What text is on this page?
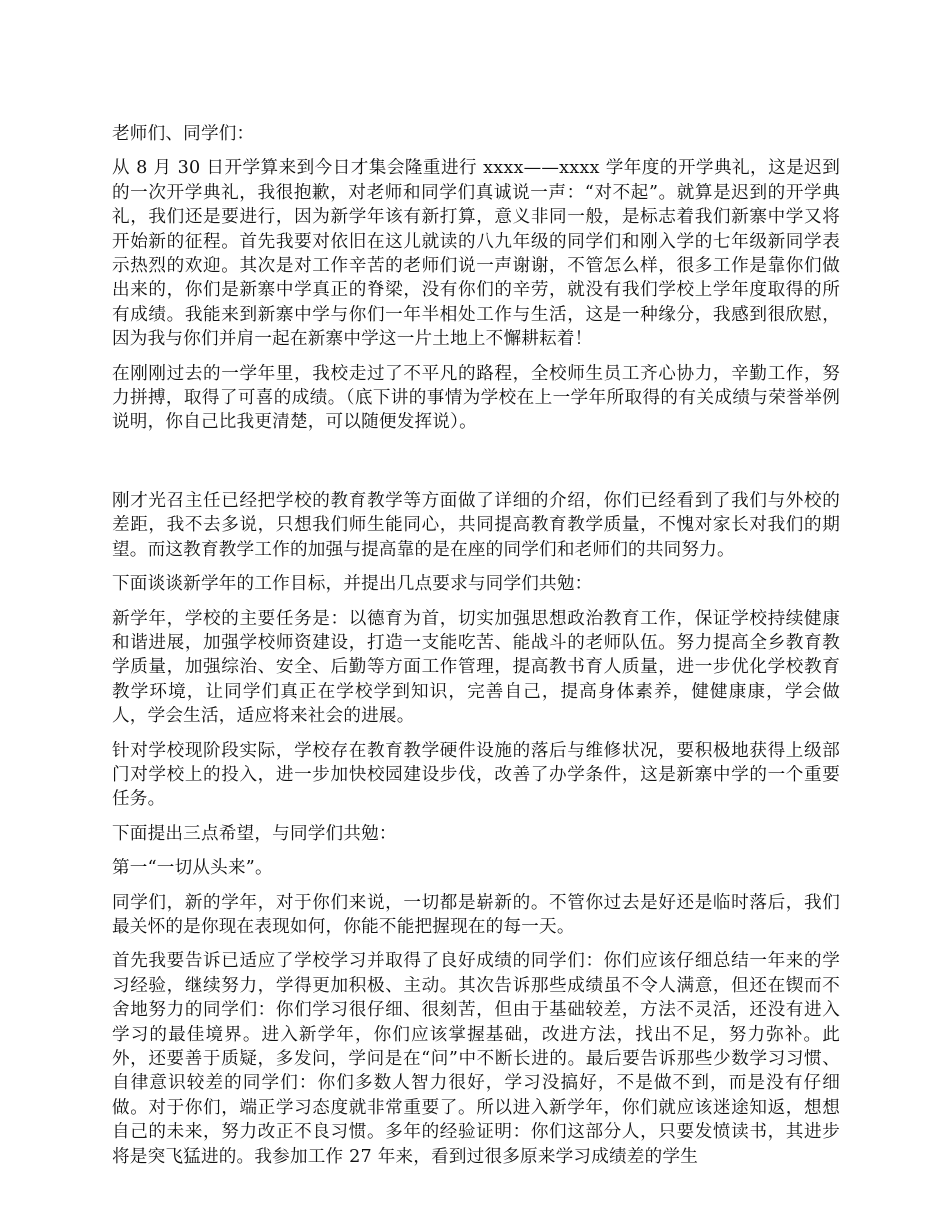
老师们、同学们：

从 8 月 30 日开学算来到今日才集会隆重进行 xxxx——xxxx 学年度的开学典礼，这是迟到的一次开学典礼，我很抱歉，对老师和同学们真诚说一声：“对不起”。就算是迟到的开学典礼，我们还是要进行，因为新学年该有新打算，意义非同一般，是标志着我们新寨中学又将开始新的征程。首先我要对依旧在这儿就读的八九年级的同学们和刚入学的七年级新同学表示热烈的欢迎。其次是对工作辛苦的老师们说一声谢谢，不管怎么样，很多工作是靠你们做出来的，你们是新寨中学真正的脊梁，没有你们的辛劳，就没有我们学校上学年度取得的所有成绩。我能来到新寨中学与你们一年半相处工作与生活，这是一种缘分，我感到很欣慰，因为我与你们并肩一起在新寨中学这一片土地上不懈耕耘着！

在刚刚过去的一学年里，我校走过了不平凡的路程，全校师生员工齐心协力，辛勤工作，努力拼搏，取得了可喜的成绩。（底下讲的事情为学校在上一学年所取得的有关成绩与荣誉举例说明，你自己比我更清楚，可以随便发挥说）。

刚才光召主任已经把学校的教育教学等方面做了详细的介绍，你们已经看到了我们与外校的差距，我不去多说，只想我们师生能同心，共同提高教育教学质量，不愧对家长对我们的期望。而这教育教学工作的加强与提高靠的是在座的同学们和老师们的共同努力。

下面谈谈新学年的工作目标，并提出几点要求与同学们共勉：

新学年，学校的主要任务是：以德育为首，切实加强思想政治教育工作，保证学校持续健康和谐进展，加强学校师资建设，打造一支能吃苦、能战斗的老师队伍。努力提高全乡教育教学质量，加强综治、安全、后勤等方面工作管理，提高教书育人质量，进一步优化学校教育教学环境，让同学们真正在学校学到知识，完善自己，提高身体素养，健健康康，学会做人，学会生活，适应将来社会的进展。

针对学校现阶段实际，学校存在教育教学硬件设施的落后与维修状况，要积极地获得上级部门对学校上的投入，进一步加快校园建设步伐，改善了办学条件，这是新寨中学的一个重要任务。

下面提出三点希望，与同学们共勉：

第一“一切从头来”。

同学们，新的学年，对于你们来说，一切都是崭新的。不管你过去是好还是临时落后，我们最关怀的是你现在表现如何，你能不能把握现在的每一天。

首先我要告诉已适应了学校学习并取得了良好成绩的同学们：你们应该仔细总结一年来的学习经验，继续努力，学得更加积极、主动。其次告诉那些成绩虽不令人满意，但还在锲而不舍地努力的同学们：你们学习很仔细、很刻苦，但由于基础较差，方法不灵活，还没有进入学习的最佳境界。进入新学年，你们应该掌握基础，改进方法，找出不足，努力弥补。此外，还要善于质疑，多发问，学问是在“问”中不断长进的。最后要告诉那些少数学习习惯、自律意识较差的同学们：你们多数人智力很好，学习没搞好，不是做不到，而是没有仔细做。对于你们，端正学习态度就非常重要了。所以进入新学年，你们就应该迷途知返，想想自己的未来，努力改正不良习惯。多年的经验证明：你们这部分人，只要发愤读书，其进步将是突飞猛进的。我参加工作 27 年来，看到过很多原来学习成绩差的学生
